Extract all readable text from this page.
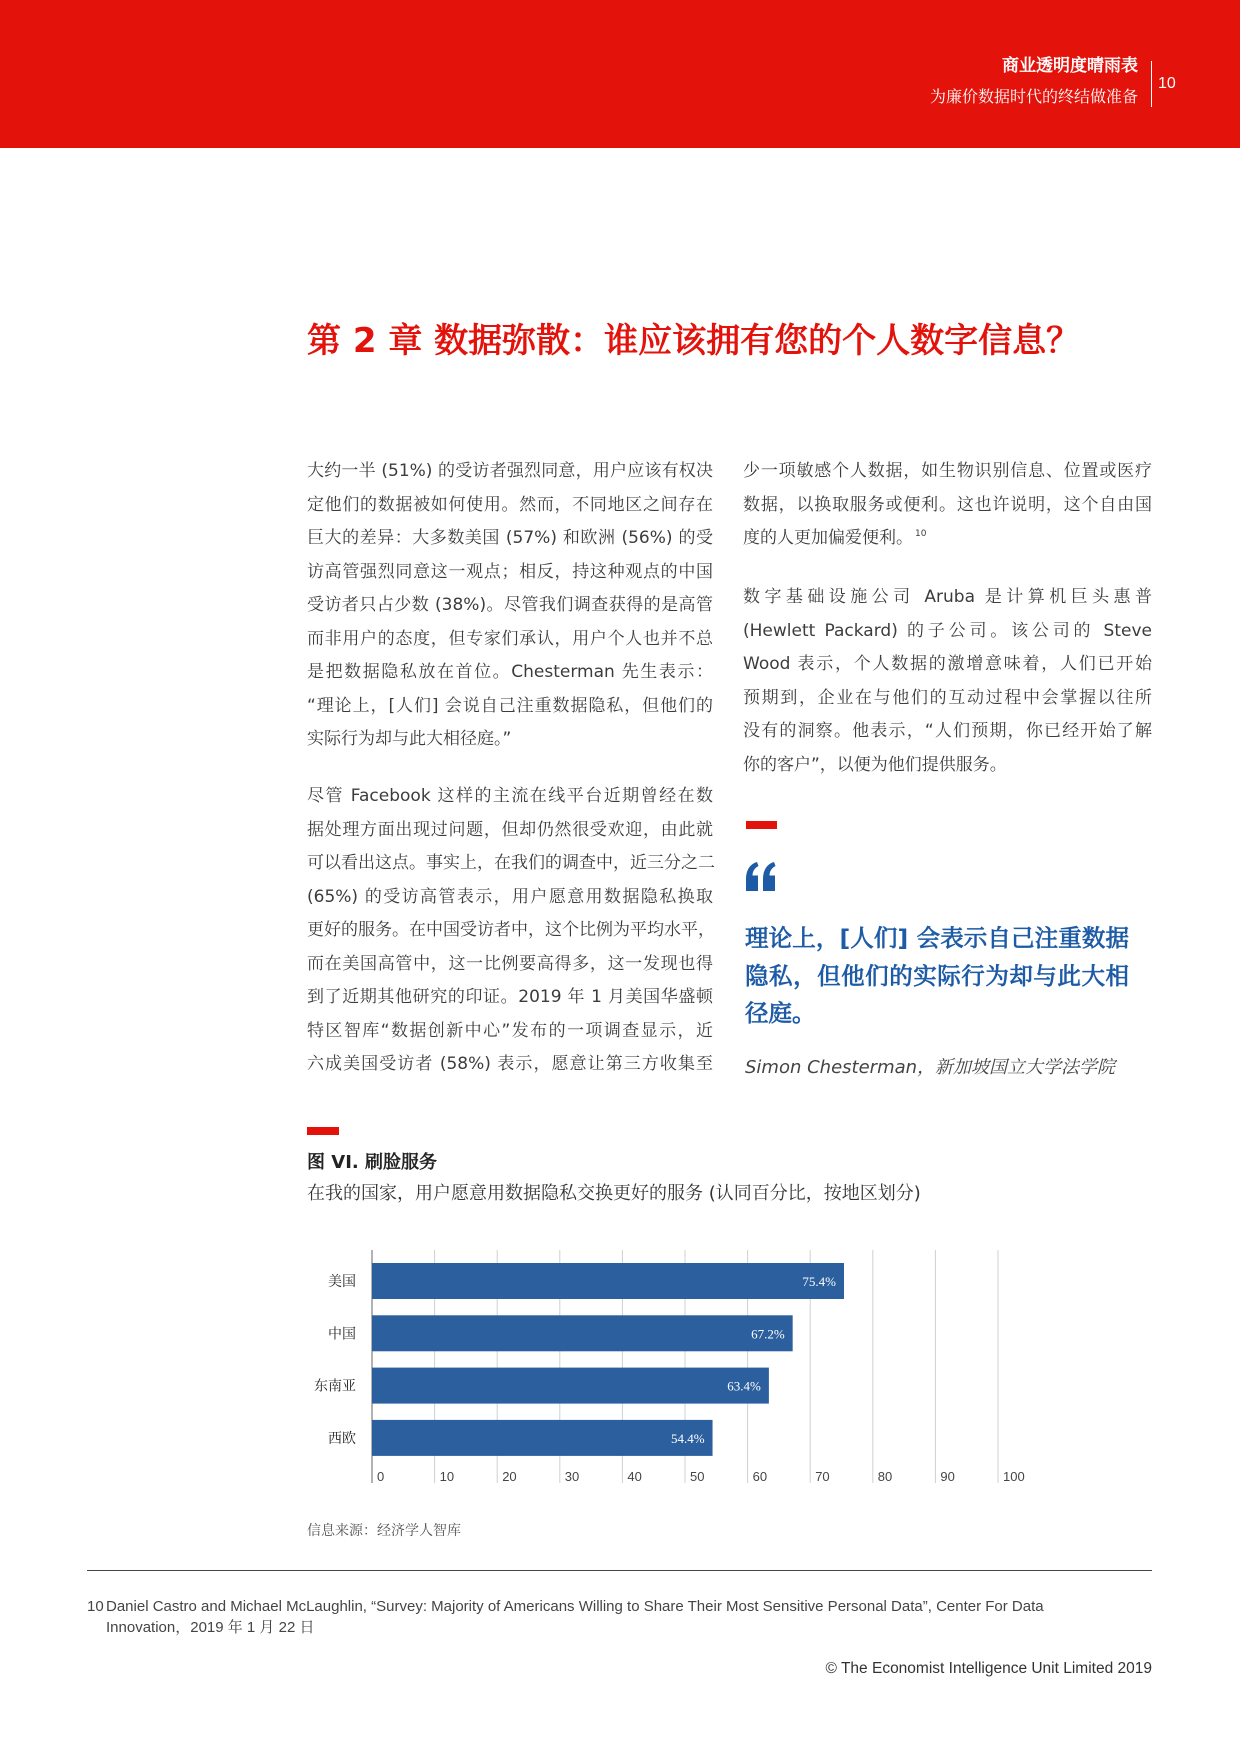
商业透明度晴雨表
为廉价数据时代的终结做准备
10
第 2 章 数据弥散：谁应该拥有您的个人数字信息？
大约一半 (51%) 的受访者强烈同意，用户应该有权决
定他们的数据被如何使用。然而，不同地区之间存在
巨大的差异：大多数美国 (57%) 和欧洲 (56%) 的受
访高管强烈同意这一观点；相反，持这种观点的中国
受访者只占少数 (38%)。尽管我们调查获得的是高管
而非用户的态度，但专家们承认，用户个人也并不总
是把数据隐私放在首位。Chesterman 先生表示：
“理论上，[人们] 会说自己注重数据隐私，但他们的
实际行为却与此大相径庭。”
尽管 Facebook 这样的主流在线平台近期曾经在数
据处理方面出现过问题，但却仍然很受欢迎，由此就
可以看出这点。事实上，在我们的调查中，近三分之二
(65%) 的受访高管表示，用户愿意用数据隐私换取
更好的服务。在中国受访者中，这个比例为平均水平，
而在美国高管中，这一比例要高得多，这一发现也得
到了近期其他研究的印证。2019 年 1 月美国华盛顿
特区智库“数据创新中心”发布的一项调查显示，近
六成美国受访者 (58%) 表示，愿意让第三方收集至
少一项敏感个人数据，如生物识别信息、位置或医疗
数据，以换取服务或便利。这也许说明，这个自由国
度的人更加偏爱便利。 $^{10}$
数字基础设施公司 Aruba 是计算机巨头惠普
(Hewlett Packard) 的子公司。该公司的 Steve
Wood 表示，个人数据的激增意味着，人们已开始
预期到，企业在与他们的互动过程中会掌握以往所
没有的洞察。他表示，“人们预期，你已经开始了解
你的客户”，以便为他们提供服务。
理论上，[人们] 会表示自己注重数据
隐私，但他们的实际行为却与此大相
径庭。
Simon Chesterman，新加坡国立大学法学院
图 VI. 刷脸服务
在我的国家，用户愿意用数据隐私交换更好的服务 (认同百分比，按地区划分)
0	10	20	30	40	50	60	70	80	90	100
美国	75.4%
中国	67.2%
东南亚	63.4%
西欧	54.4%
信息来源：经济学人智库
10 Daniel Castro and Michael McLaughlin, “Survey: Majority of Americans Willing to Share Their Most Sensitive Personal Data”, Center For Data
Innovation，2019 年 1 月 22 日
© The Economist Intelligence Unit Limited 2019
